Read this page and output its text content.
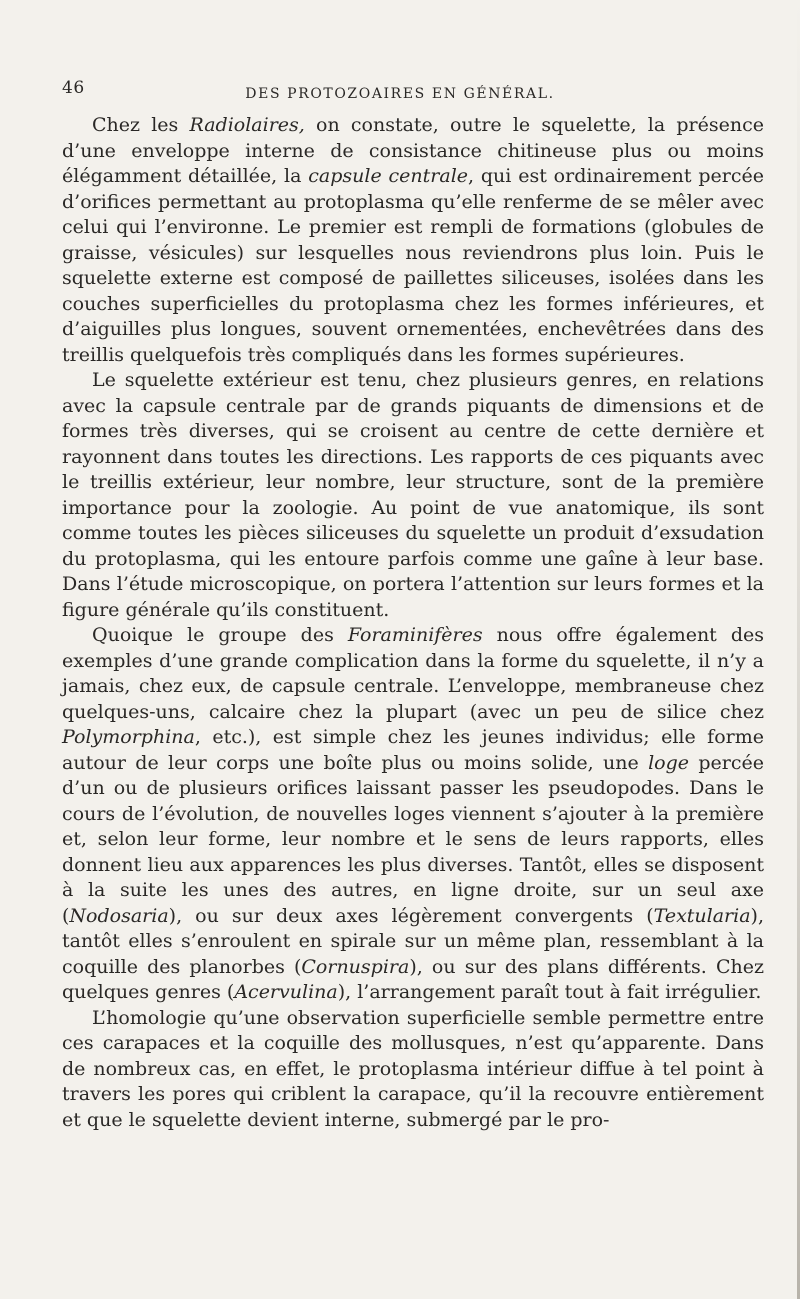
46	DES PROTOZOAIRES EN GÉNÉRAL.

Chez les Radiolaires, on constate, outre le squelette, la présence d’une enveloppe interne de consistance chitineuse plus ou moins élégamment détaillée, la capsule centrale, qui est ordinairement percée d’orifices permettant au protoplasma qu’elle renferme de se mêler avec celui qui l’environne. Le premier est rempli de formations (globules de graisse, vésicules) sur lesquelles nous reviendrons plus loin. Puis le squelette externe est composé de paillettes siliceuses, isolées dans les couches superficielles du protoplasma chez les formes inférieures, et d’aiguilles plus longues, souvent ornementées, enchevêtrées dans des treillis quelquefois très compliqués dans les formes supérieures.

Le squelette extérieur est tenu, chez plusieurs genres, en relations avec la capsule centrale par de grands piquants de dimensions et de formes très diverses, qui se croisent au centre de cette dernière et rayonnent dans toutes les directions. Les rapports de ces piquants avec le treillis extérieur, leur nombre, leur structure, sont de la première importance pour la zoologie. Au point de vue anatomique, ils sont comme toutes les pièces siliceuses du squelette un produit d’exsudation du protoplasma, qui les entoure parfois comme une gaîne à leur base. Dans l’étude microscopique, on portera l’attention sur leurs formes et la figure générale qu’ils constituent.

Quoique le groupe des Foraminifères nous offre également des exemples d’une grande complication dans la forme du squelette, il n’y a jamais, chez eux, de capsule centrale. L’enveloppe, membraneuse chez quelques-uns, calcaire chez la plupart (avec un peu de silice chez Polymorphina, etc.), est simple chez les jeunes individus; elle forme autour de leur corps une boîte plus ou moins solide, une loge percée d’un ou de plusieurs orifices laissant passer les pseudopodes. Dans le cours de l’évolution, de nouvelles loges viennent s’ajouter à la première et, selon leur forme, leur nombre et le sens de leurs rapports, elles donnent lieu aux apparences les plus diverses. Tantôt, elles se disposent à la suite les unes des autres, en ligne droite, sur un seul axe (Nodosaria), ou sur deux axes légèrement convergents (Textularia), tantôt elles s’enroulent en spirale sur un même plan, ressemblant à la coquille des planorbes (Cornuspira), ou sur des plans différents. Chez quelques genres (Acervulina), l’arrangement paraît tout à fait irrégulier.

L’homologie qu’une observation superficielle semble permettre entre ces carapaces et la coquille des mollusques, n’est qu’apparente. Dans de nombreux cas, en effet, le protoplasma intérieur diffue à tel point à travers les pores qui criblent la carapace, qu’il la recouvre entièrement et que le squelette devient interne, submergé par le pro-
